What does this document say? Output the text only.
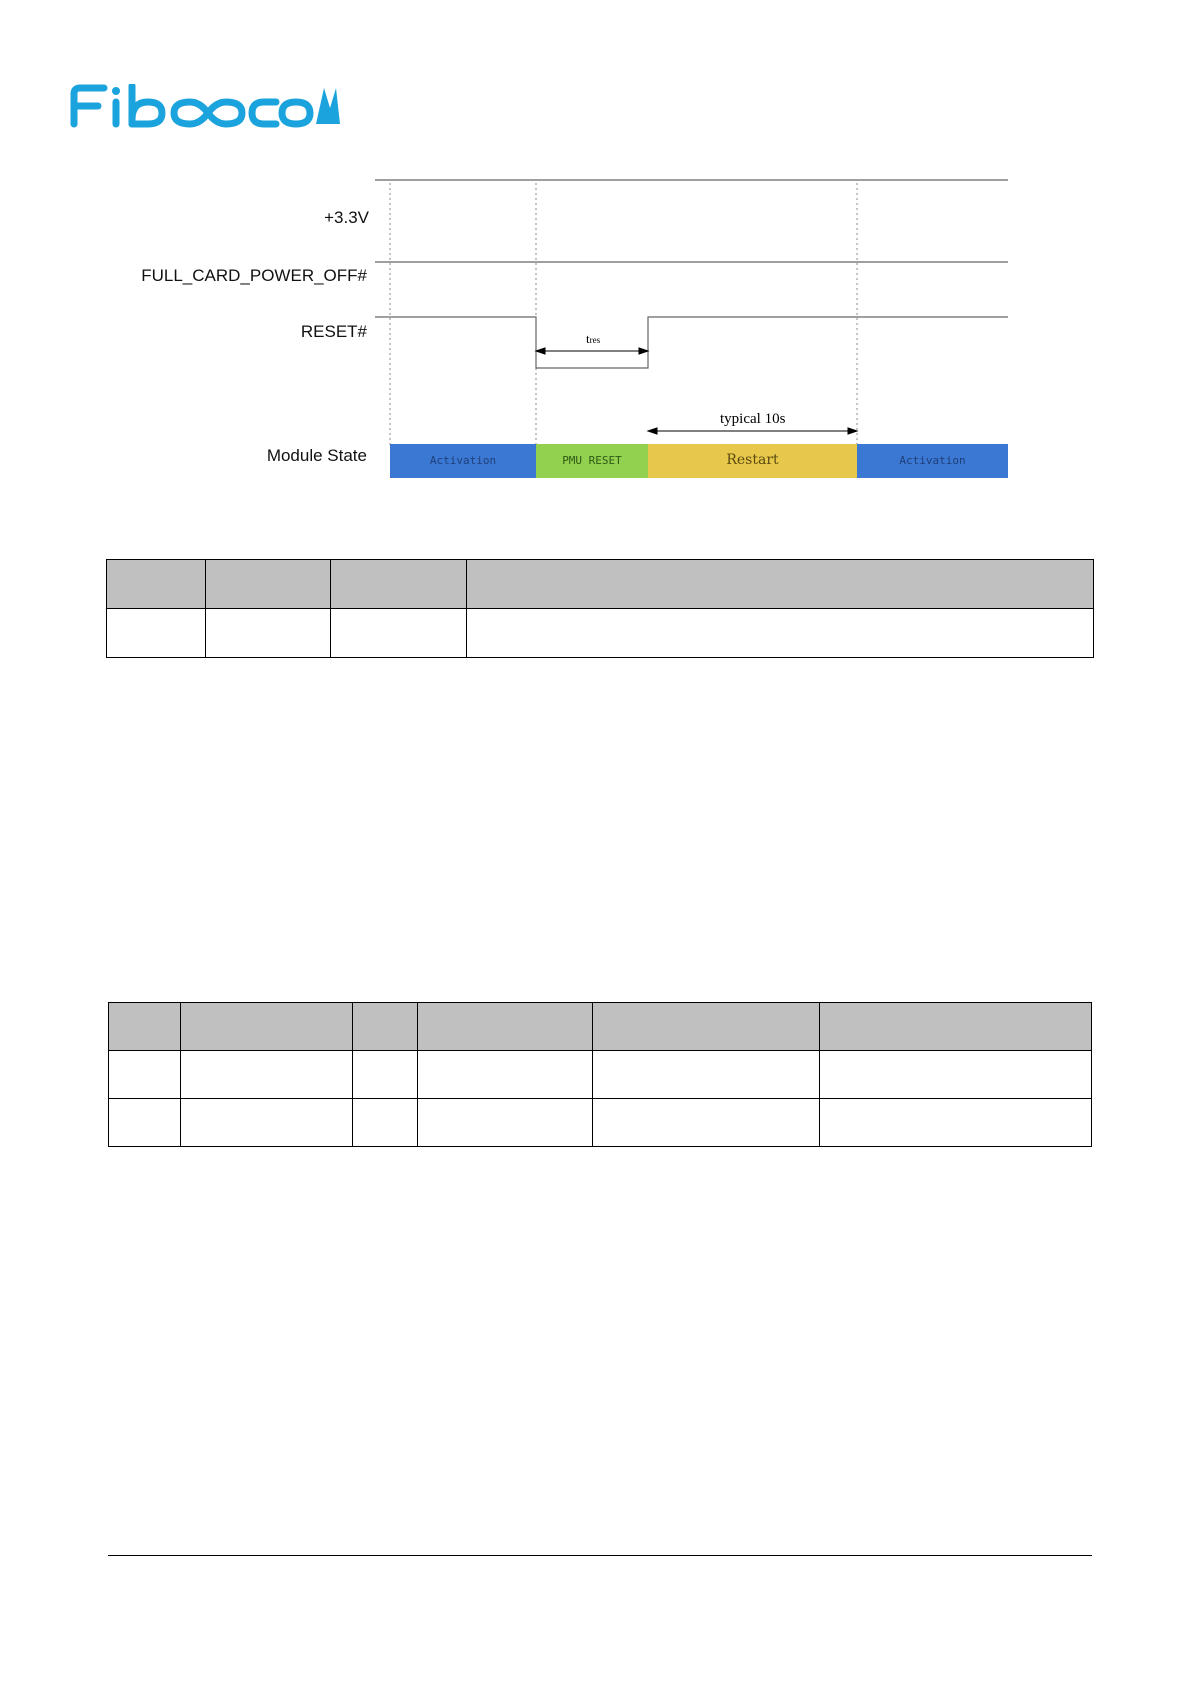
+3.3V
FULL_CARD_POWER_OFF#
RESET#
Module State
tres
typical 10s
Activation	PMU RESET	Restart	Activation
